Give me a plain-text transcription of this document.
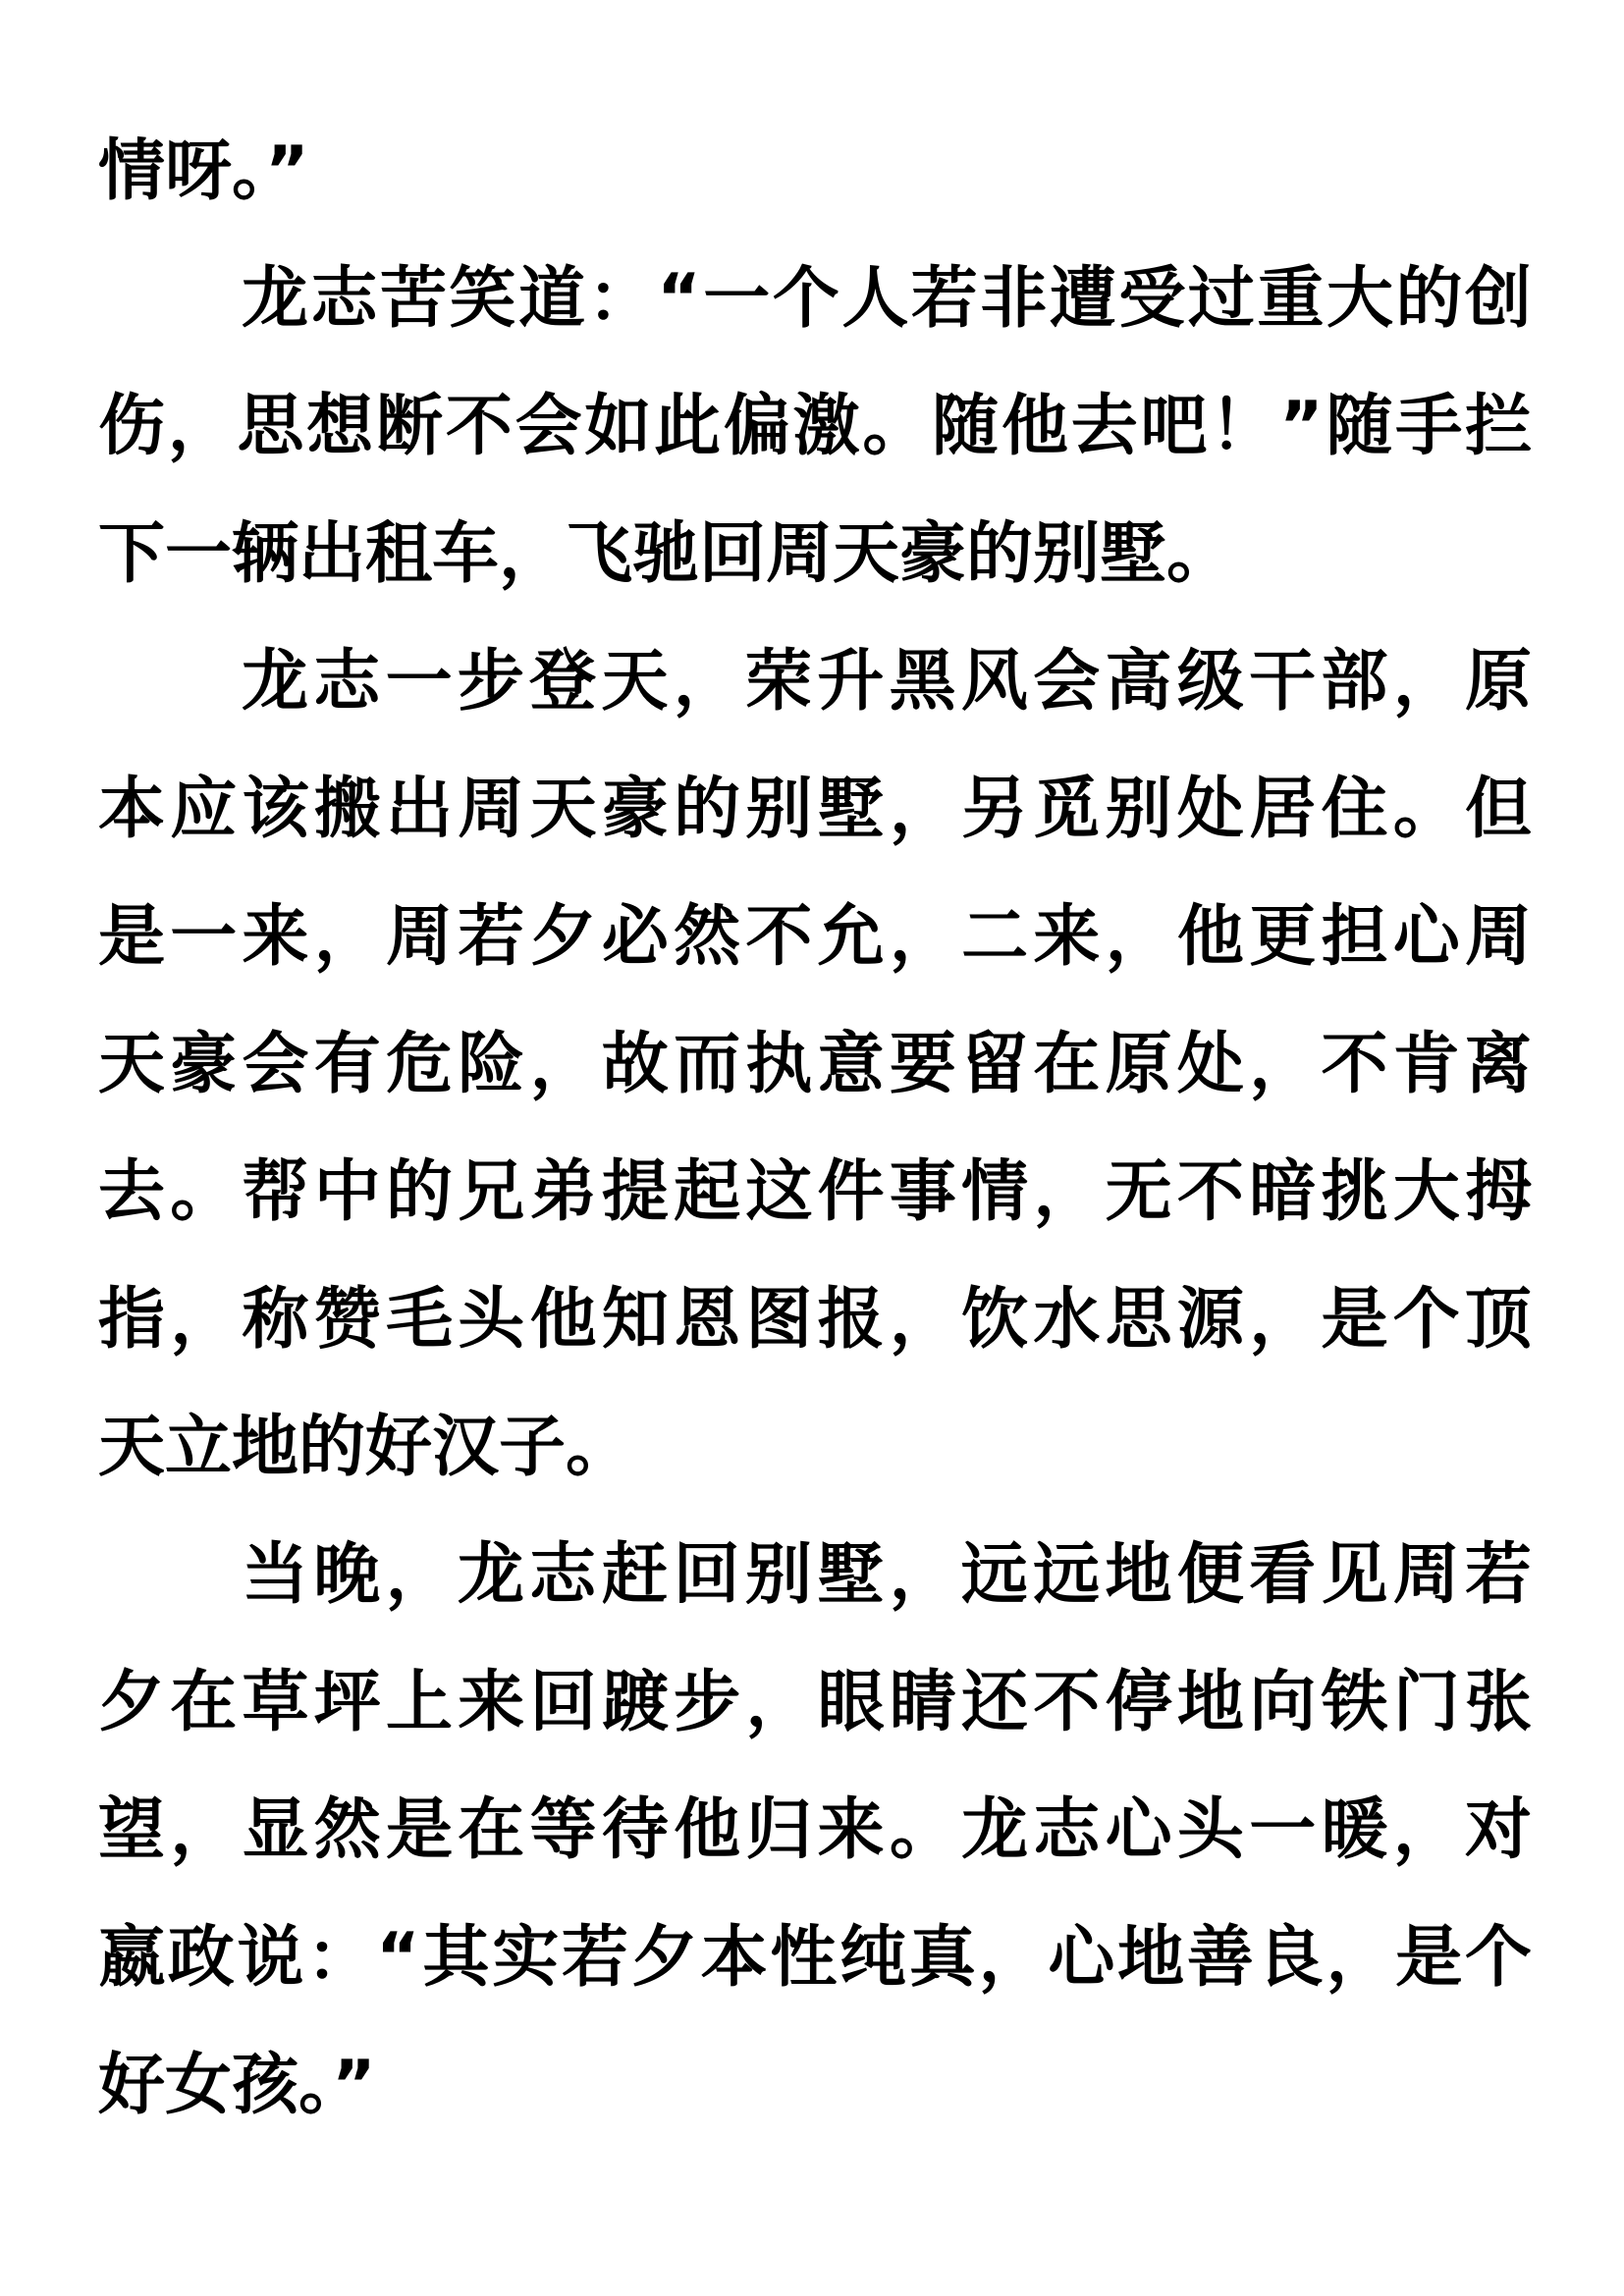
情呀。”
龙志苦笑道：“一个人若非遭受过重大的创
伤，思想断不会如此偏激。随他去吧！”随手拦
下一辆出租车，飞驰回周天豪的别墅。
龙志一步登天，荣升黑风会高级干部，原
本应该搬出周天豪的别墅，另觅别处居住。但
是一来，周若夕必然不允，二来，他更担心周
天豪会有危险，故而执意要留在原处，不肯离
去。帮中的兄弟提起这件事情，无不暗挑大拇
指，称赞毛头他知恩图报，饮水思源，是个顶
天立地的好汉子。
当晚，龙志赶回别墅，远远地便看见周若
夕在草坪上来回踱步，眼睛还不停地向铁门张
望，显然是在等待他归来。龙志心头一暖，对
嬴政说：“其实若夕本性纯真，心地善良，是个
好女孩。”
